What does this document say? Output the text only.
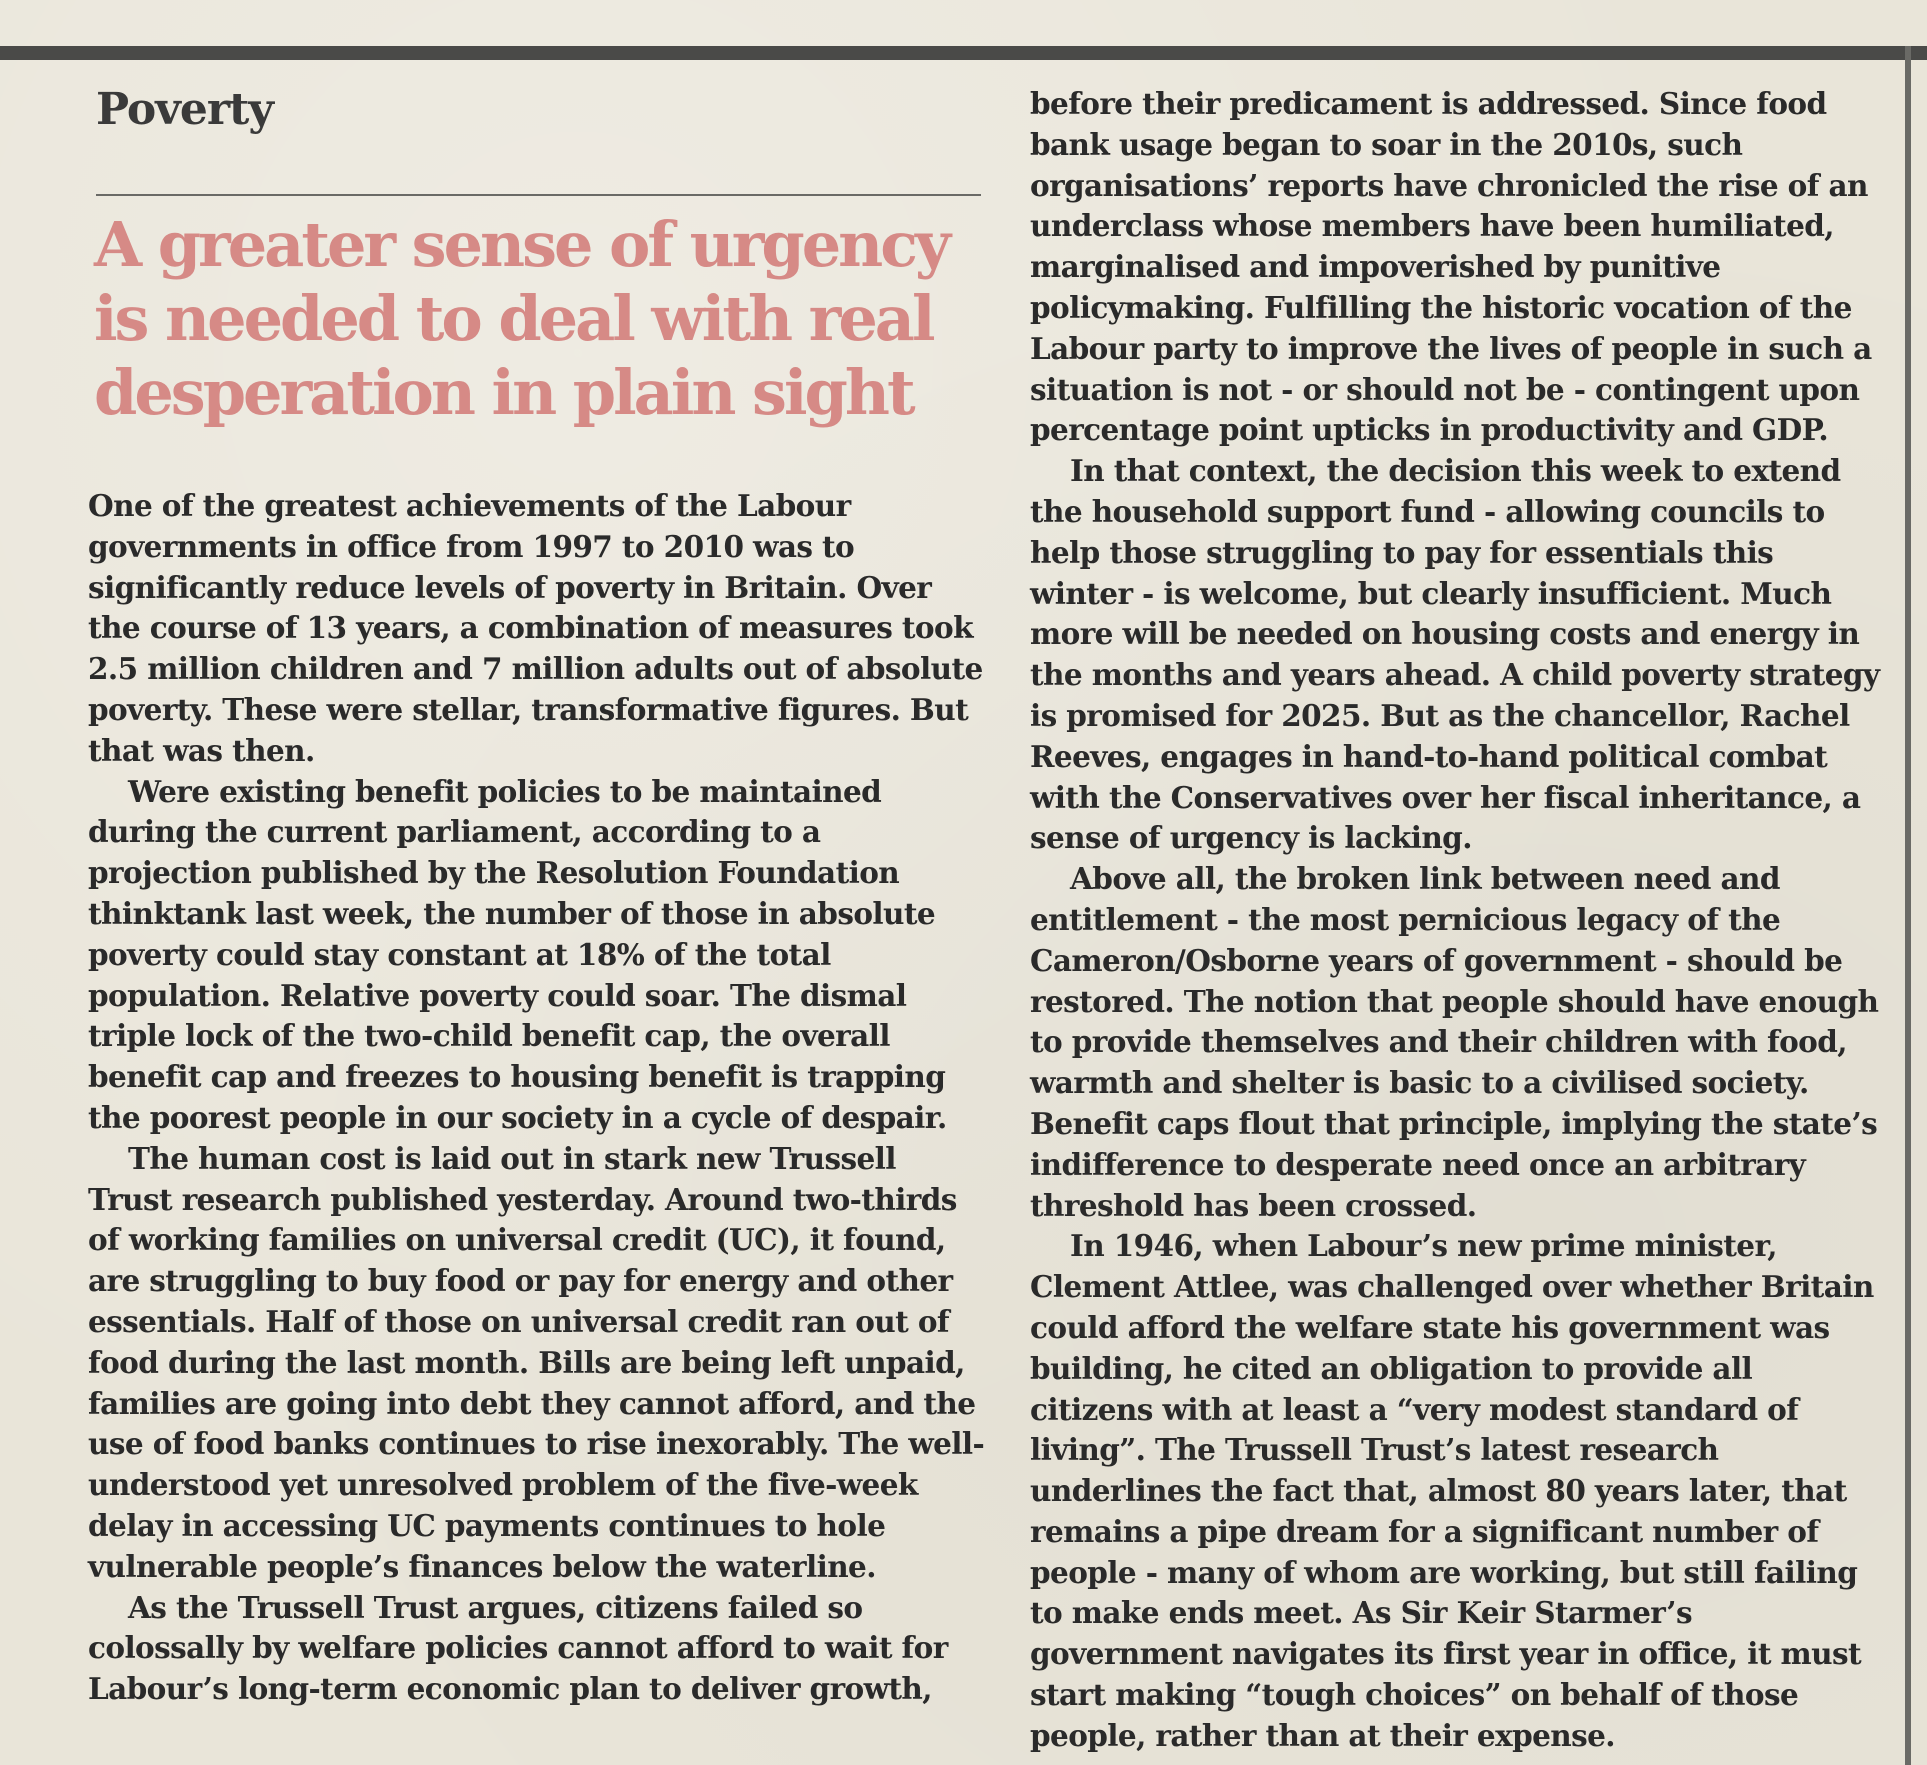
Poverty
A greater sense of urgency is needed to deal with real desperation in plain sight

One of the greatest achievements of the Labour governments in office from 1997 to 2010 was to significantly reduce levels of poverty in Britain. Over the course of 13 years, a combination of measures took 2.5 million children and 7 million adults out of absolute poverty. These were stellar, transformative figures. But that was then.

Were existing benefit policies to be maintained during the current parliament, according to a projection published by the Resolution Foundation thinktank last week, the number of those in absolute poverty could stay constant at 18% of the total population. Relative poverty could soar. The dismal triple lock of the two-child benefit cap, the overall benefit cap and freezes to housing benefit is trapping the poorest people in our society in a cycle of despair.

The human cost is laid out in stark new Trussell Trust research published yesterday. Around two-thirds of working families on universal credit (UC), it found, are struggling to buy food or pay for energy and other essentials. Half of those on universal credit ran out of food during the last month. Bills are being left unpaid, families are going into debt they cannot afford, and the use of food banks continues to rise inexorably. The well-understood yet unresolved problem of the five-week delay in accessing UC payments continues to hole vulnerable people’s finances below the waterline.

As the Trussell Trust argues, citizens failed so colossally by welfare policies cannot afford to wait for Labour’s long-term economic plan to deliver growth,

before their predicament is addressed. Since food bank usage began to soar in the 2010s, such organisations’ reports have chronicled the rise of an underclass whose members have been humiliated, marginalised and impoverished by punitive policymaking. Fulfilling the historic vocation of the Labour party to improve the lives of people in such a situation is not - or should not be - contingent upon percentage point upticks in productivity and GDP.

In that context, the decision this week to extend the household support fund - allowing councils to help those struggling to pay for essentials this winter - is welcome, but clearly insufficient. Much more will be needed on housing costs and energy in the months and years ahead. A child poverty strategy is promised for 2025. But as the chancellor, Rachel Reeves, engages in hand-to-hand political combat with the Conservatives over her fiscal inheritance, a sense of urgency is lacking.

Above all, the broken link between need and entitlement - the most pernicious legacy of the Cameron/Osborne years of government - should be restored. The notion that people should have enough to provide themselves and their children with food, warmth and shelter is basic to a civilised society. Benefit caps flout that principle, implying the state’s indifference to desperate need once an arbitrary threshold has been crossed.

In 1946, when Labour’s new prime minister, Clement Attlee, was challenged over whether Britain could afford the welfare state his government was building, he cited an obligation to provide all citizens with at least a “very modest standard of living”. The Trussell Trust’s latest research underlines the fact that, almost 80 years later, that remains a pipe dream for a significant number of people - many of whom are working, but still failing to make ends meet. As Sir Keir Starmer’s government navigates its first year in office, it must start making “tough choices” on behalf of those people, rather than at their expense.
